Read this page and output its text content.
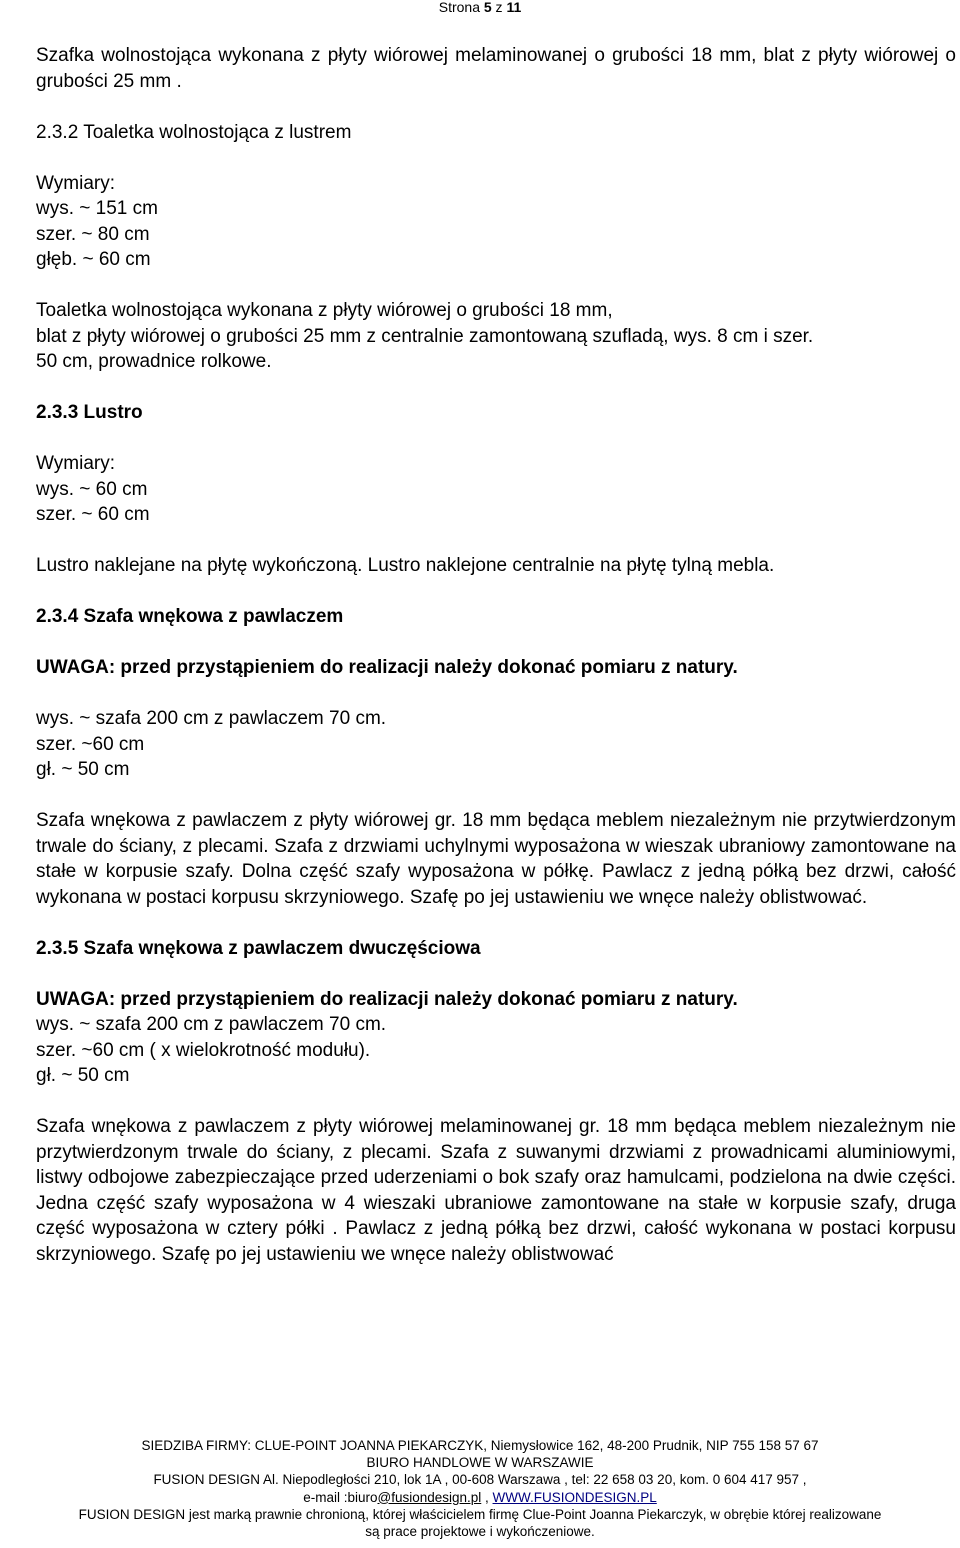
Strona 5 z 11

Szafka wolnostojąca wykonana z płyty wiórowej melaminowanej o grubości 18 mm, blat z płyty wiórowej o grubości 25 mm .

2.3.2 Toaletka wolnostojąca z lustrem

Wymiary:

wys. ~ 151 cm

szer. ~ 80 cm

głęb. ~ 60 cm

Toaletka wolnostojąca wykonana z płyty wiórowej o grubości 18 mm,

blat z płyty wiórowej o grubości 25 mm z centralnie zamontowaną szufladą, wys. 8 cm i szer.

50 cm, prowadnice rolkowe.

2.3.3 Lustro

Wymiary:

wys. ~ 60 cm

szer. ~ 60 cm

Lustro naklejane na płytę wykończoną. Lustro naklejone centralnie na płytę tylną mebla.

2.3.4 Szafa wnękowa z pawlaczem

UWAGA: przed przystąpieniem do realizacji należy dokonać pomiaru z natury.

wys. ~ szafa 200 cm z pawlaczem 70 cm.

szer. ~60 cm

gł. ~ 50 cm

Szafa wnękowa z pawlaczem z płyty wiórowej gr. 18 mm będąca meblem niezależnym nie przytwierdzonym trwale do ściany, z plecami. Szafa z drzwiami uchylnymi wyposażona w wieszak ubraniowy zamontowane na stałe w korpusie szafy. Dolna część szafy wyposażona w półkę. Pawlacz z jedną półką bez drzwi, całość wykonana w postaci korpusu skrzyniowego. Szafę po jej ustawieniu we wnęce należy oblistwować.

2.3.5 Szafa wnękowa z pawlaczem dwuczęściowa

UWAGA: przed przystąpieniem do realizacji należy dokonać pomiaru z natury.

wys. ~ szafa 200 cm z pawlaczem 70 cm.

szer. ~60 cm ( x wielokrotność modułu).

gł. ~ 50 cm

Szafa wnękowa z pawlaczem z płyty wiórowej melaminowanej gr. 18 mm będąca meblem niezależnym nie przytwierdzonym trwale do ściany, z plecami. Szafa z suwanymi drzwiami z prowadnicami aluminiowymi, listwy odbojowe zabezpieczające przed uderzeniami o bok szafy oraz hamulcami, podzielona na dwie części. Jedna część szafy wyposażona w 4 wieszaki ubraniowe zamontowane na stałe w korpusie szafy, druga część wyposażona w cztery półki . Pawlacz z jedną półką bez drzwi, całość wykonana w postaci korpusu skrzyniowego. Szafę po jej ustawieniu we wnęce należy oblistwować

SIEDZIBA FIRMY: CLUE-POINT JOANNA PIEKARCZYK, Niemysłowice 162, 48-200 Prudnik, NIP 755 158 57 67
BIURO HANDLOWE W WARSZAWIE
FUSION DESIGN Al. Niepodległości 210, lok 1A , 00-608 Warszawa , tel: 22 658 03 20, kom. 0 604 417 957 ,
e-mail :biuro@fusiondesign.pl , WWW.FUSIONDESIGN.PL
FUSION DESIGN jest marką prawnie chronioną, której właścicielem firmę Clue-Point Joanna Piekarczyk, w obrębie której realizowane
są prace projektowe i wykończeniowe.
